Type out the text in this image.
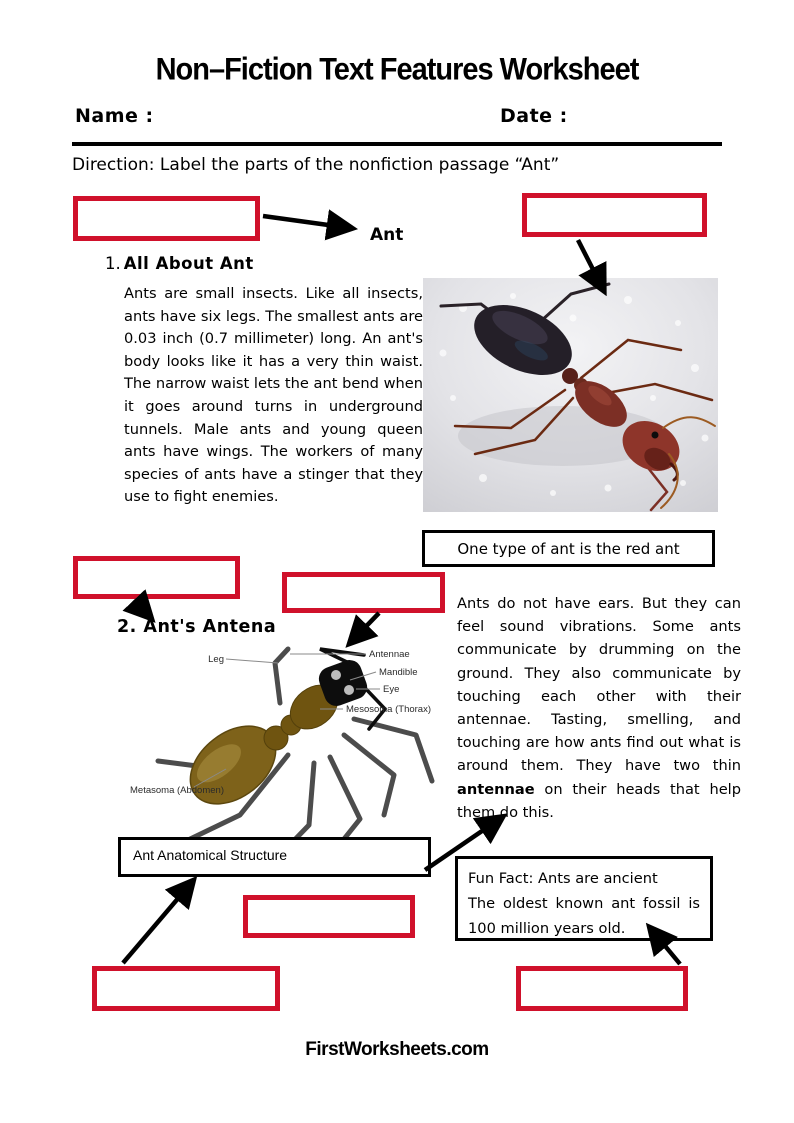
Non–Fiction Text Features Worksheet
Name :	Date :
Direction: Label the parts of the nonfiction passage “Ant”
Ant
1. All About Ant
Ants are small insects. Like all insects, ants have six legs. The smallest ants are 0.03 inch (0.7 millimeter) long. An ant's body looks like it has a very thin waist. The narrow waist lets the ant bend when it goes around turns in underground tunnels. Male ants and young queen ants have wings. The workers of many species of ants have a stinger that they use to fight enemies.
One type of ant is the red ant
2. Ant's Antena
Leg	Antennae
Mandible
Eye
Mesosoma (Thorax)
Metasoma (Abdomen)
Ant Anatomical Structure
Ants do not have ears. But they can feel sound vibrations. Some ants communicate by drumming on the ground. They also communicate by touching each other with their antennae. Tasting, smelling, and touching are how ants find out what is around them. They have two thin antennae on their heads that help them do this.
Fun Fact: Ants are ancient
The oldest known ant fossil is
100 million years old.
FirstWorksheets.com
